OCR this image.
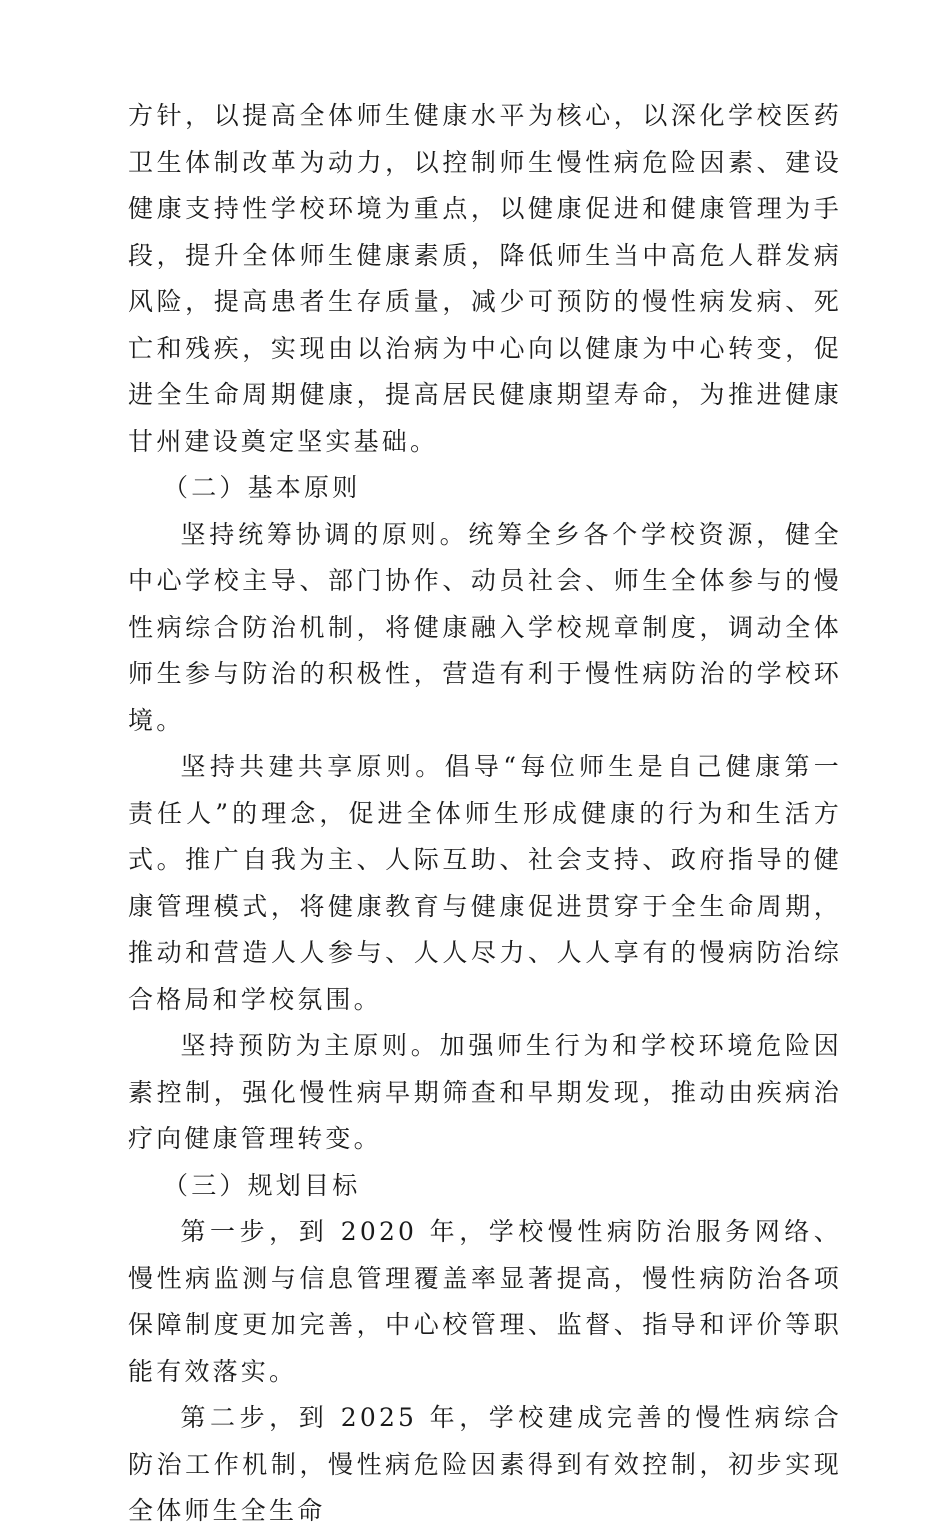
方针，以提高全体师生健康水平为核心，以深化学校医药卫生体制改革为动力，以控制师生慢性病危险因素、建设健康支持性学校环境为重点，以健康促进和健康管理为手段，提升全体师生健康素质，降低师生当中高危人群发病风险，提高患者生存质量，减少可预防的慢性病发病、死亡和残疾，实现由以治病为中心向以健康为中心转变，促进全生命周期健康，提高居民健康期望寿命，为推进健康甘州建设奠定坚实基础。

（二）基本原则

坚持统筹协调的原则。统筹全乡各个学校资源，健全中心学校主导、部门协作、动员社会、师生全体参与的慢性病综合防治机制，将健康融入学校规章制度，调动全体师生参与防治的积极性，营造有利于慢性病防治的学校环境。

坚持共建共享原则。倡导“每位师生是自己健康第一责任人”的理念，促进全体师生形成健康的行为和生活方式。推广自我为主、人际互助、社会支持、政府指导的健康管理模式，将健康教育与健康促进贯穿于全生命周期，推动和营造人人参与、人人尽力、人人享有的慢病防治综合格局和学校氛围。

坚持预防为主原则。加强师生行为和学校环境危险因素控制，强化慢性病早期筛查和早期发现，推动由疾病治疗向健康管理转变。

（三）规划目标

第一步，到 2020 年，学校慢性病防治服务网络、慢性病监测与信息管理覆盖率显著提高，慢性病防治各项保障制度更加完善，中心校管理、监督、指导和评价等职能有效落实。

第二步，到 2025 年，学校建成完善的慢性病综合防治工作机制，慢性病危险因素得到有效控制，初步实现全体师生全生命
